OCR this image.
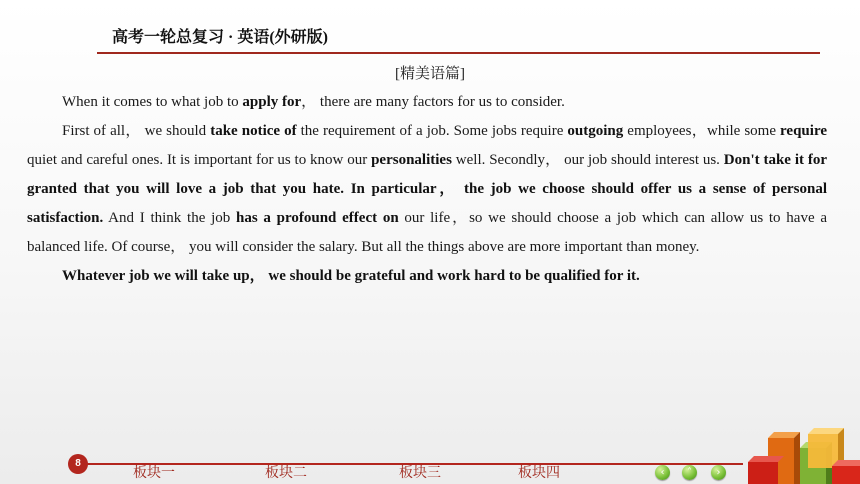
高考一轮总复习 · 英语(外研版)
[精美语篇]

When it comes to what job to apply for， there are many factors for us to consider.

First of all， we should take notice of the requirement of a job. Some jobs require outgoing employees，while some require quiet and careful ones. It is important for us to know our personalities well. Secondly， our job should interest us. Don't take it for granted that you will love a job that you hate. In particular， the job we choose should offer us a sense of personal satisfaction. And I think the job has a profound effect on our life，so we should choose a job which can allow us to have a balanced life. Of course， you will consider the salary. But all the things above are more important than money.

Whatever job we will take up， we should be grateful and work hard to be qualified for it.

8
板块一	板块二	板块三	板块四	‹	˄	›
